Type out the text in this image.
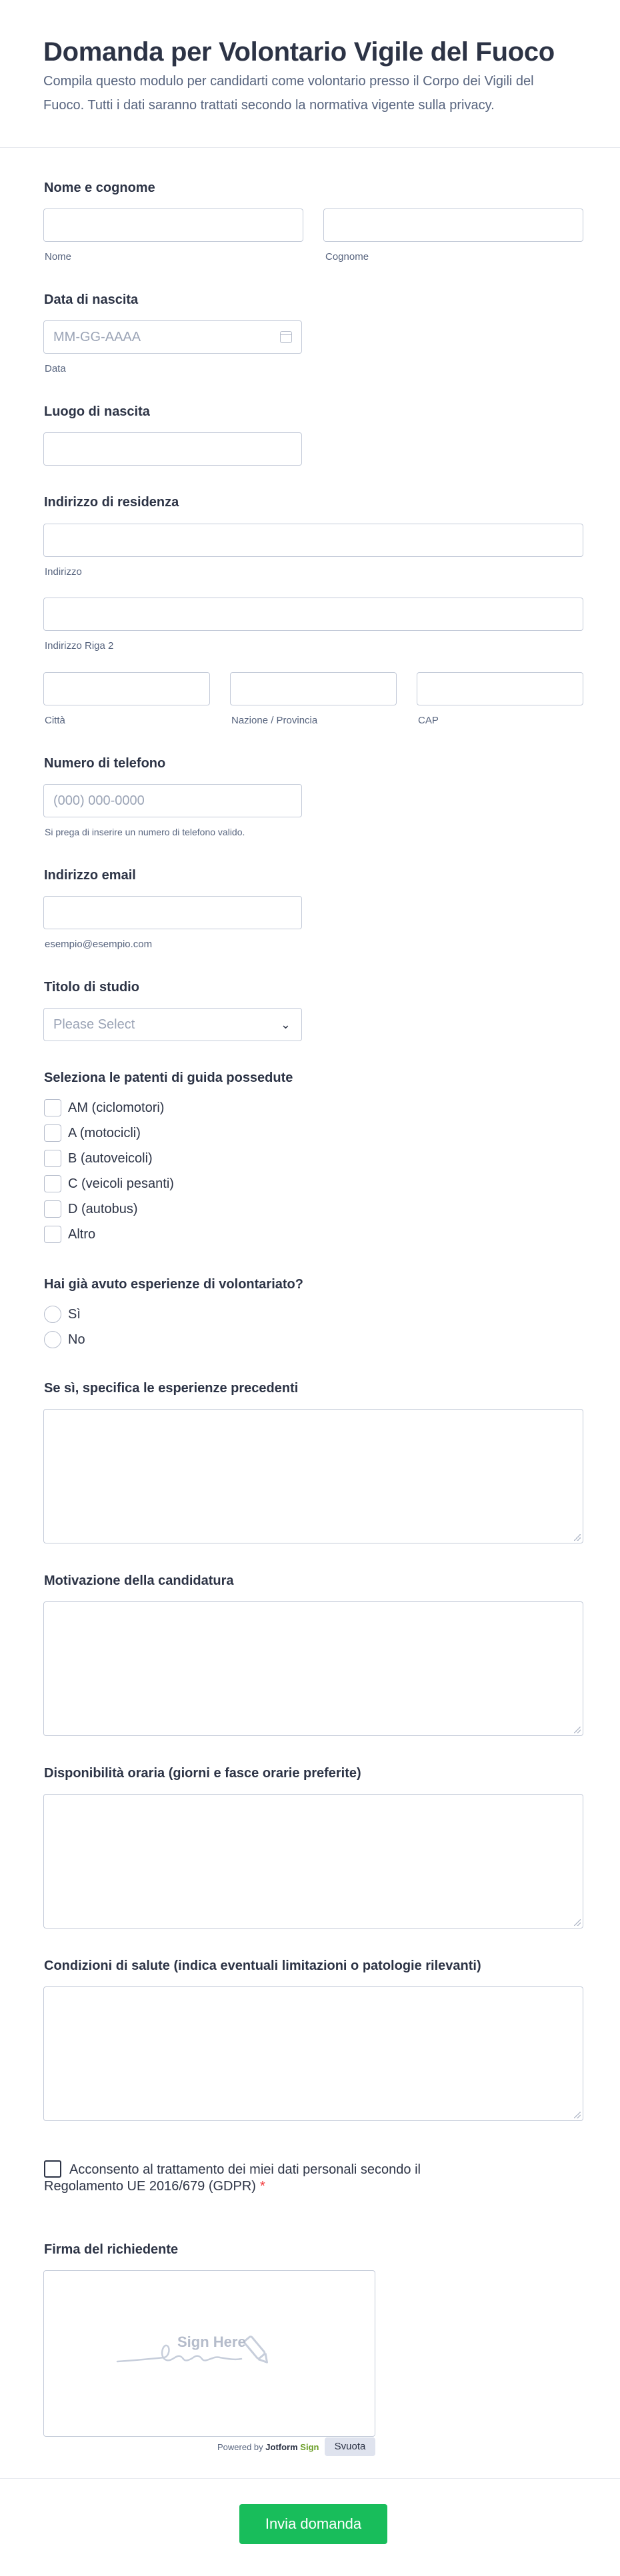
Domanda per Volontario Vigile del Fuoco
Compila questo modulo per candidarti come volontario presso il Corpo dei Vigili del Fuoco. Tutti i dati saranno trattati secondo la normativa vigente sulla privacy.
Nome e cognome
Nome	Cognome
Data di nascita
MM-GG-AAAA
Data
Luogo di nascita
Indirizzo di residenza
Indirizzo
Indirizzo Riga 2
Città	Nazione / Provincia	CAP
Numero di telefono
(000) 000-0000
Si prega di inserire un numero di telefono valido.
Indirizzo email
esempio@esempio.com
Titolo di studio
Please Select	⌄
Seleziona le patenti di guida possedute
AM (ciclomotori)
A (motocicli)
B (autoveicoli)
C (veicoli pesanti)
D (autobus)
Altro
Hai già avuto esperienze di volontariato?
Sì
No
Se sì, specifica le esperienze precedenti
Motivazione della candidatura
Disponibilità oraria (giorni e fasce orarie preferite)
Condizioni di salute (indica eventuali limitazioni o patologie rilevanti)
Acconsento al trattamento dei miei dati personali secondo il
Regolamento UE 2016/679 (GDPR) *
Firma del richiedente
Sign Here
Powered by Jotform Sign	Svuota
Invia domanda
